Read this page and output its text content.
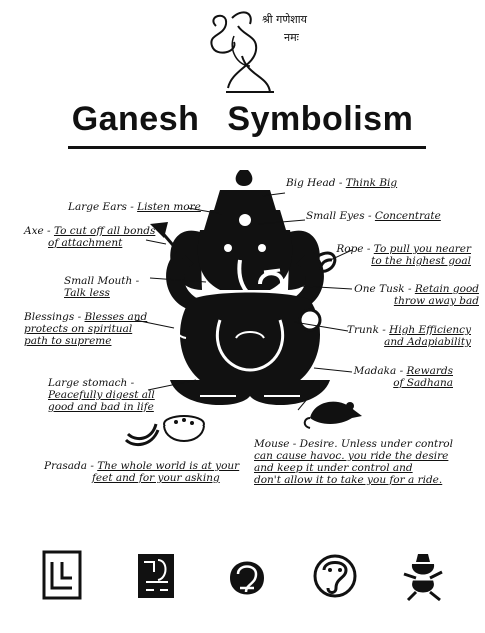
श्री गणेशाय
नमः
Ganesh Symbolism
Big Head - Think Big
Large Ears - Listen more
Small Eyes - Concentrate
Axe - To cut off all bonds
of attachment	Rope - To pull you nearer
to the highest goal
Small Mouth -
Talk less	One Tusk - Retain good
throw away bad
Blessings - Blesses and
protects on spiritual
path to supreme
Trunk - High Efficiency
and Adapiability
Madaka - Rewards
of Sadhana
Large stomach -
Peacefully digest all
good and bad in life
Prasada - The whole world is at your
feet and for your asking
Mouse - Desire. Unless under control
can cause havoc. you ride the desire
and keep it under control and
don't allow it to take you for a ride.
